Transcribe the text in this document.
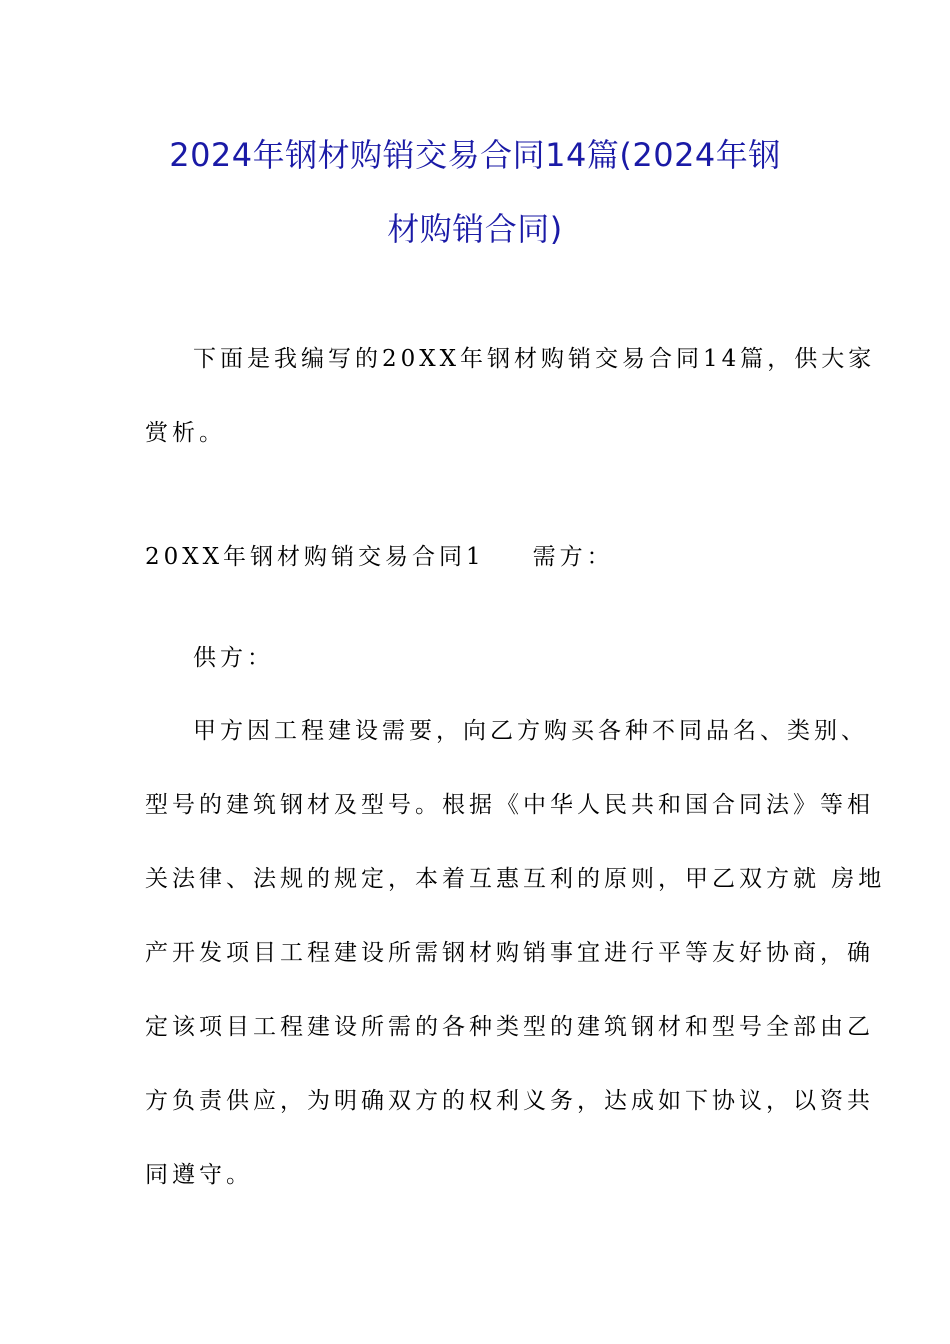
2024年钢材购销交易合同14篇(2024年钢
材购销合同)
下面是我编写的20XX年钢材购销交易合同14篇，供大家
赏析。
20XX年钢材购销交易合同1 需方：
供方：
甲方因工程建设需要，向乙方购买各种不同品名、类别、
型号的建筑钢材及型号。根据《中华人民共和国合同法》等相
关法律、法规的规定，本着互惠互利的原则，甲乙双方就 房地
产开发项目工程建设所需钢材购销事宜进行平等友好协商，确
定该项目工程建设所需的各种类型的建筑钢材和型号全部由乙
方负责供应，为明确双方的权利义务，达成如下协议，以资共
同遵守。
